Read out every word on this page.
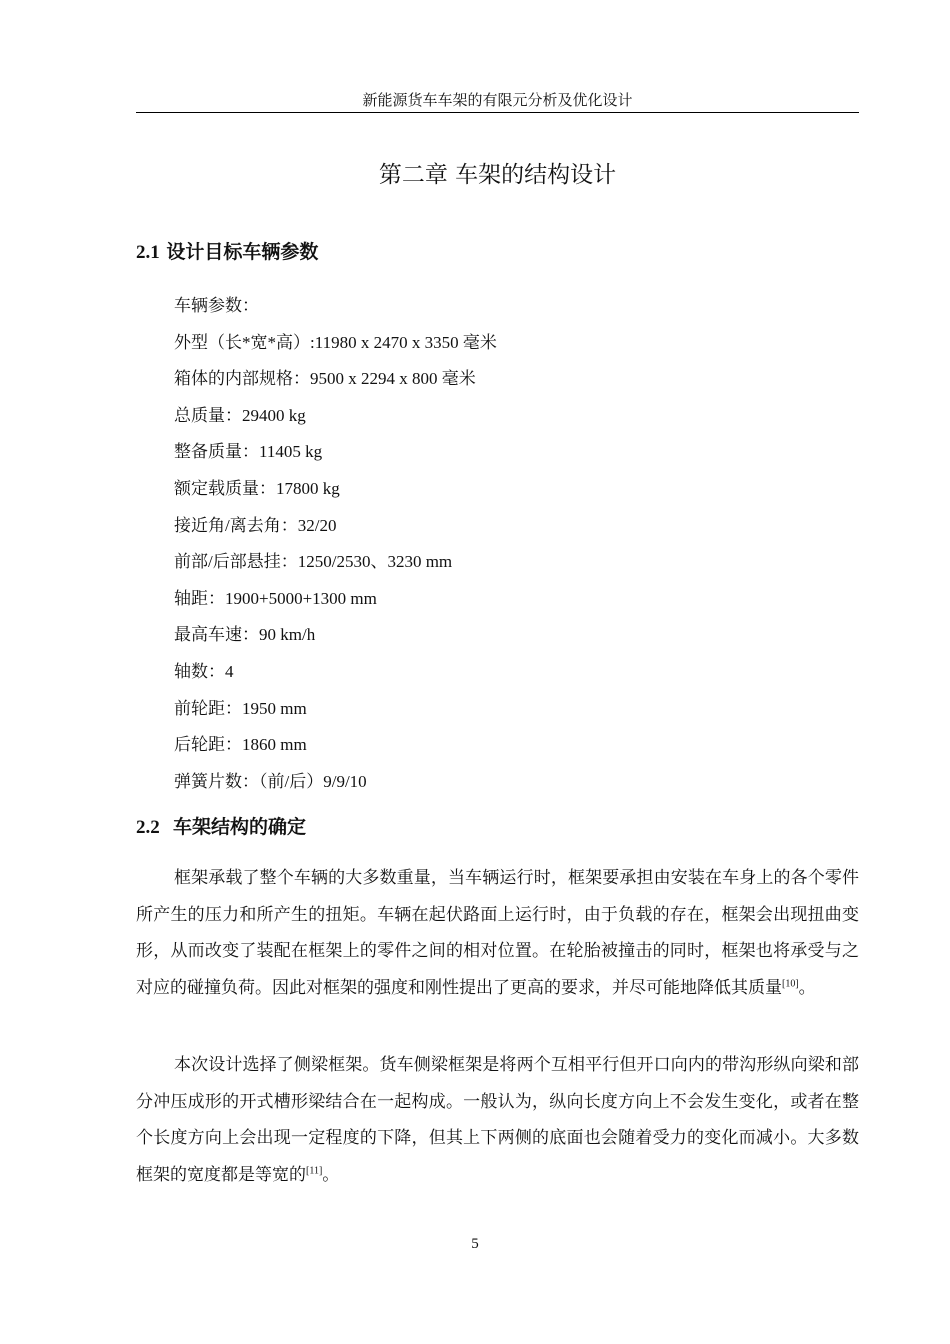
新能源货车车架的有限元分析及优化设计
第二章 车架的结构设计
2.1 设计目标车辆参数
车辆参数：
外型（长*宽*高）:11980 x 2470 x 3350 毫米
箱体的内部规格：9500 x 2294 x 800 毫米
总质量：29400 kg
整备质量：11405 kg
额定载质量：17800 kg
接近角/离去角：32/20
前部/后部悬挂：1250/2530、3230 mm
轴距：1900+5000+1300 mm
最高车速：90 km/h
轴数：4
前轮距：1950 mm
后轮距：1860 mm
弹簧片数：（前/后）9/9/10
2.2 车架结构的确定

框架承载了整个车辆的大多数重量，当车辆运行时，框架要承担由安装在车身上的各个零件所产生的压力和所产生的扭矩。车辆在起伏路面上运行时，由于负载的存在，框架会出现扭曲变形，从而改变了装配在框架上的零件之间的相对位置。在轮胎被撞击的同时，框架也将承受与之对应的碰撞负荷。因此对框架的强度和刚性提出了更高的要求，并尽可能地降低其质量[10]。

本次设计选择了侧梁框架。货车侧梁框架是将两个互相平行但开口向内的带沟形纵向梁和部分冲压成形的开式槽形梁结合在一起构成。一般认为，纵向长度方向上不会发生变化，或者在整个长度方向上会出现一定程度的下降，但其上下两侧的底面也会随着受力的变化而减小。大多数框架的宽度都是等宽的[11]。

5
